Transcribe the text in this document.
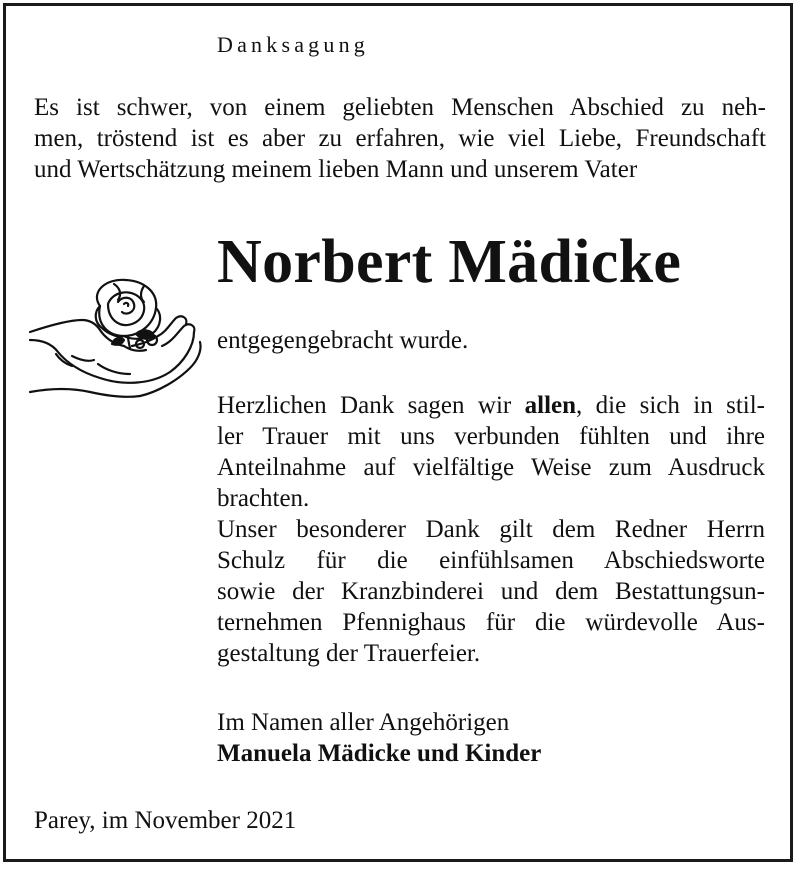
Danksagung

Es ist schwer, von einem geliebten Menschen Abschied zu neh-
men, tröstend ist es aber zu erfahren, wie viel Liebe, Freundschaft
und Wertschätzung meinem lieben Mann und unserem Vater

Norbert Mädicke

entgegengebracht wurde.

Herzlichen Dank sagen wir allen, die sich in stil-
ler Trauer mit uns verbunden fühlten und ihre
Anteilnahme auf vielfältige Weise zum Ausdruck
brachten.
Unser besonderer Dank gilt dem Redner Herrn
Schulz für die einfühlsamen Abschiedsworte
sowie der Kranzbinderei und dem Bestattungsun-
ternehmen Pfennighaus für die würdevolle Aus-
gestaltung der Trauerfeier.

Im Namen aller Angehörigen
Manuela Mädicke und Kinder

Parey, im November 2021
